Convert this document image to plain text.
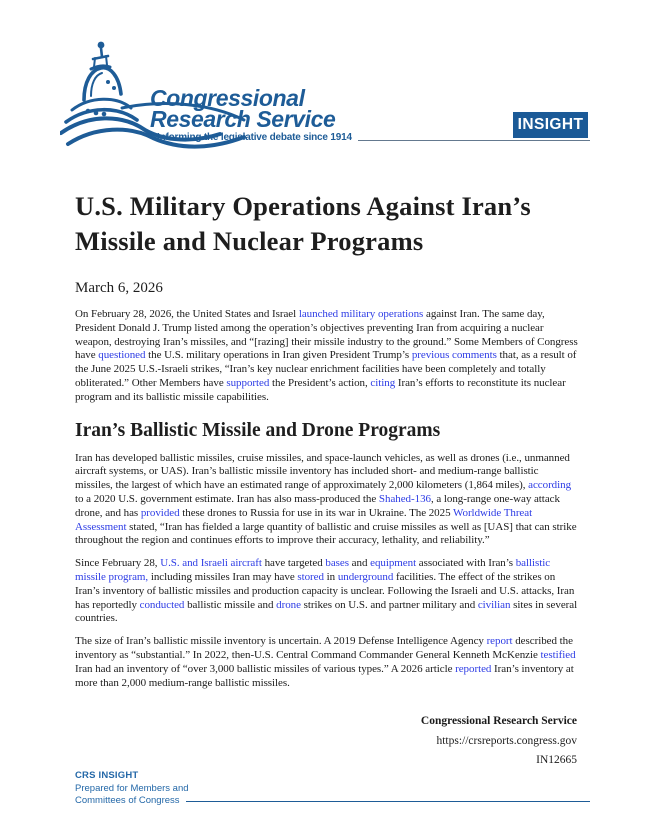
Congressional
Research Service
Informing the legislative debate since 1914
INSIGHT
U.S. Military Operations Against Iran’s
Missile and Nuclear Programs
March 6, 2026

On February 28, 2026, the United States and Israel launched military operations against Iran. The same day, President Donald J. Trump listed among the operation’s objectives preventing Iran from acquiring a nuclear weapon, destroying Iran’s missiles, and “[razing] their missile industry to the ground.” Some Members of Congress have questioned the U.S. military operations in Iran given President Trump’s previous comments that, as a result of the June 2025 U.S.-Israeli strikes, “Iran’s key nuclear enrichment facilities have been completely and totally obliterated.” Other Members have supported the President’s action, citing Iran’s efforts to reconstitute its nuclear program and its ballistic missile capabilities.

Iran’s Ballistic Missile and Drone Programs

Iran has developed ballistic missiles, cruise missiles, and space-launch vehicles, as well as drones (i.e., unmanned aircraft systems, or UAS). Iran’s ballistic missile inventory has included short- and medium-range ballistic missiles, the largest of which have an estimated range of approximately 2,000 kilometers (1,864 miles), according to a 2020 U.S. government estimate. Iran has also mass-produced the Shahed-136, a long-range one-way attack drone, and has provided these drones to Russia for use in its war in Ukraine. The 2025 Worldwide Threat Assessment stated, “Iran has fielded a large quantity of ballistic and cruise missiles as well as [UAS] that can strike throughout the region and continues efforts to improve their accuracy, lethality, and reliability.”

Since February 28, U.S. and Israeli aircraft have targeted bases and equipment associated with Iran’s ballistic missile program, including missiles Iran may have stored in underground facilities. The effect of the strikes on Iran’s inventory of ballistic missiles and production capacity is unclear. Following the Israeli and U.S. attacks, Iran has reportedly conducted ballistic missile and drone strikes on U.S. and partner military and civilian sites in several countries.

The size of Iran’s ballistic missile inventory is uncertain. A 2019 Defense Intelligence Agency report described the inventory as “substantial.” In 2022, then-U.S. Central Command Commander General Kenneth McKenzie testified Iran had an inventory of “over 3,000 ballistic missiles of various types.” A 2026 article reported Iran’s inventory at more than 2,000 medium-range ballistic missiles.

Congressional Research Service
https://crsreports.congress.gov
IN12665
CRS INSIGHT
Prepared for Members and
Committees of Congress
